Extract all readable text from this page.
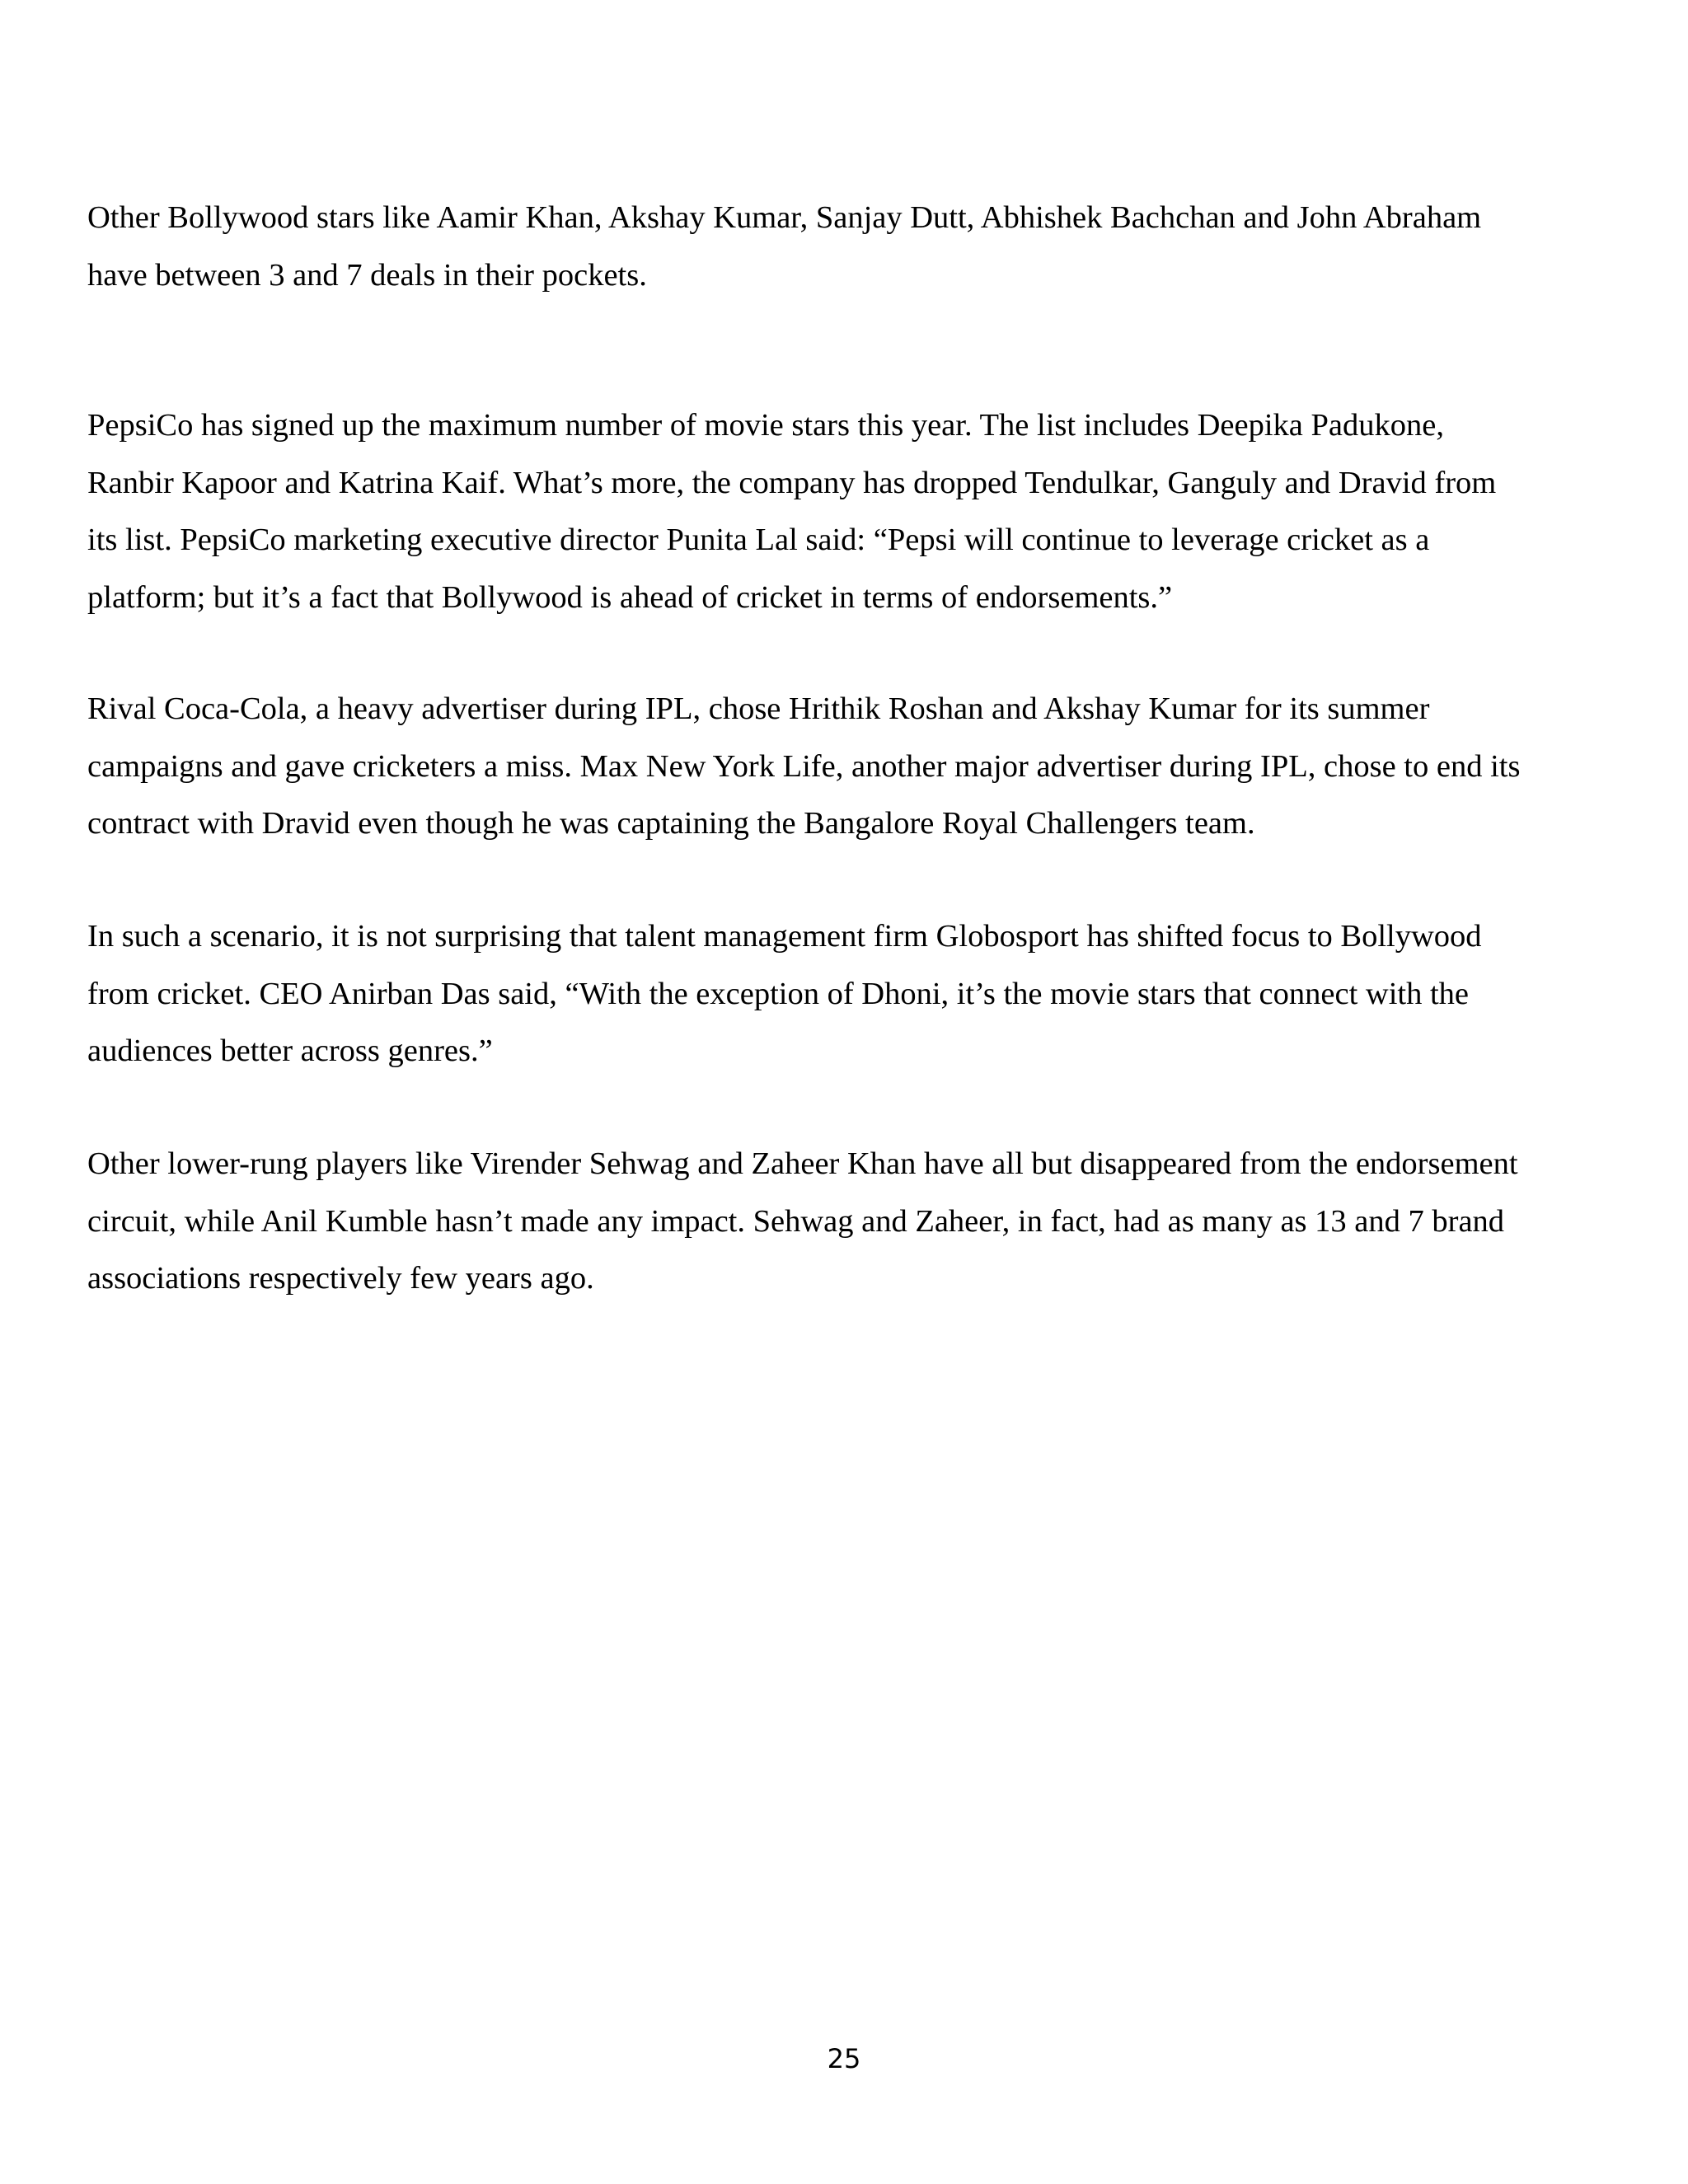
Other Bollywood stars like Aamir Khan, Akshay Kumar, Sanjay Dutt, Abhishek Bachchan and John Abraham
have between 3 and 7 deals in their pockets.

PepsiCo has signed up the maximum number of movie stars this year. The list includes Deepika Padukone,
Ranbir Kapoor and Katrina Kaif. What’s more, the company has dropped Tendulkar, Ganguly and Dravid from
its list. PepsiCo marketing executive director Punita Lal said: “Pepsi will continue to leverage cricket as a
platform; but it’s a fact that Bollywood is ahead of cricket in terms of endorsements.”

Rival Coca-Cola, a heavy advertiser during IPL, chose Hrithik Roshan and Akshay Kumar for its summer
campaigns and gave cricketers a miss. Max New York Life, another major advertiser during IPL, chose to end its
contract with Dravid even though he was captaining the Bangalore Royal Challengers team.

In such a scenario, it is not surprising that talent management firm Globosport has shifted focus to Bollywood
from cricket. CEO Anirban Das said, “With the exception of Dhoni, it’s the movie stars that connect with the
audiences better across genres.”

Other lower-rung players like Virender Sehwag and Zaheer Khan have all but disappeared from the endorsement
circuit, while Anil Kumble hasn’t made any impact. Sehwag and Zaheer, in fact, had as many as 13 and 7 brand
associations respectively few years ago.

25
